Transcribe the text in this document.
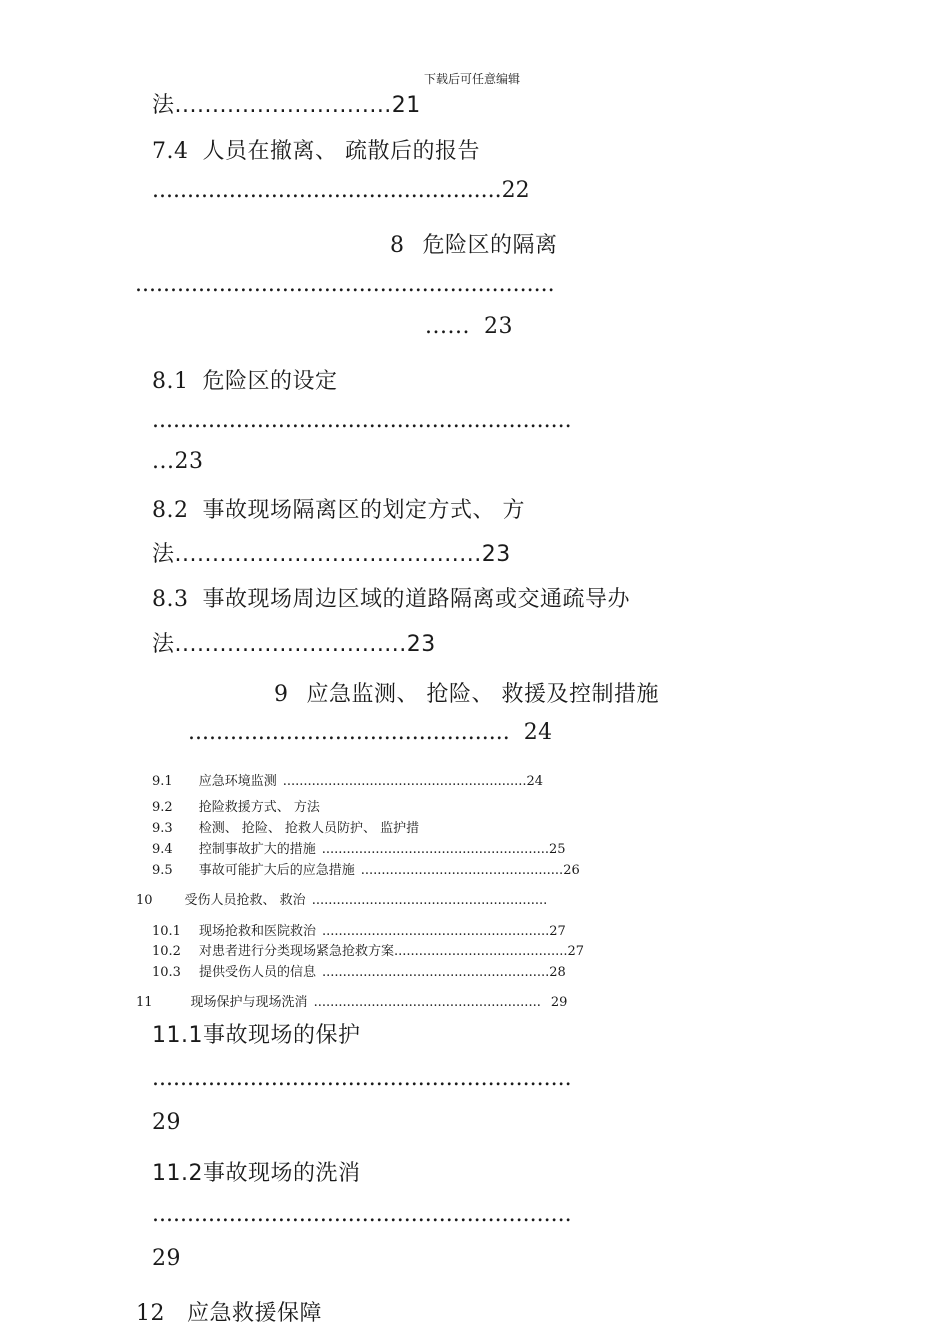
下载后可任意编辑
法.............................21
7.4 人员在撤离、 疏散后的报告
..................................................22
8 危险区的隔离
............................................................
...... 23
8.1 危险区的设定
............................................................
...23
8.2 事故现场隔离区的划定方式、 方
法.........................................23
8.3 事故现场周边区域的道路隔离或交通疏导办
法...............................23
9 应急监测、 抢险、 救援及控制措施
.............................................. 24
9.1 应急环境监测 ...........................................................24
9.2 抢险救援方式、 方法
9.3 检测、 抢险、 抢救人员防护、 监护措
9.4 控制事故扩大的措施 .......................................................25
9.5 事故可能扩大后的应急措施 .................................................26
10 受伤人员抢救、 救治 .........................................................
10.1 现场抢救和医院救治 .......................................................27
10.2 对患者进行分类现场紧急抢救方案..........................................27
10.3 提供受伤人员的信息 .......................................................28
11	现场保护与现场洗消 ....................................................... 29
11.1事故现场的保护
............................................................
29
11.2事故现场的洗消
............................................................
29
12 应急救援保障
